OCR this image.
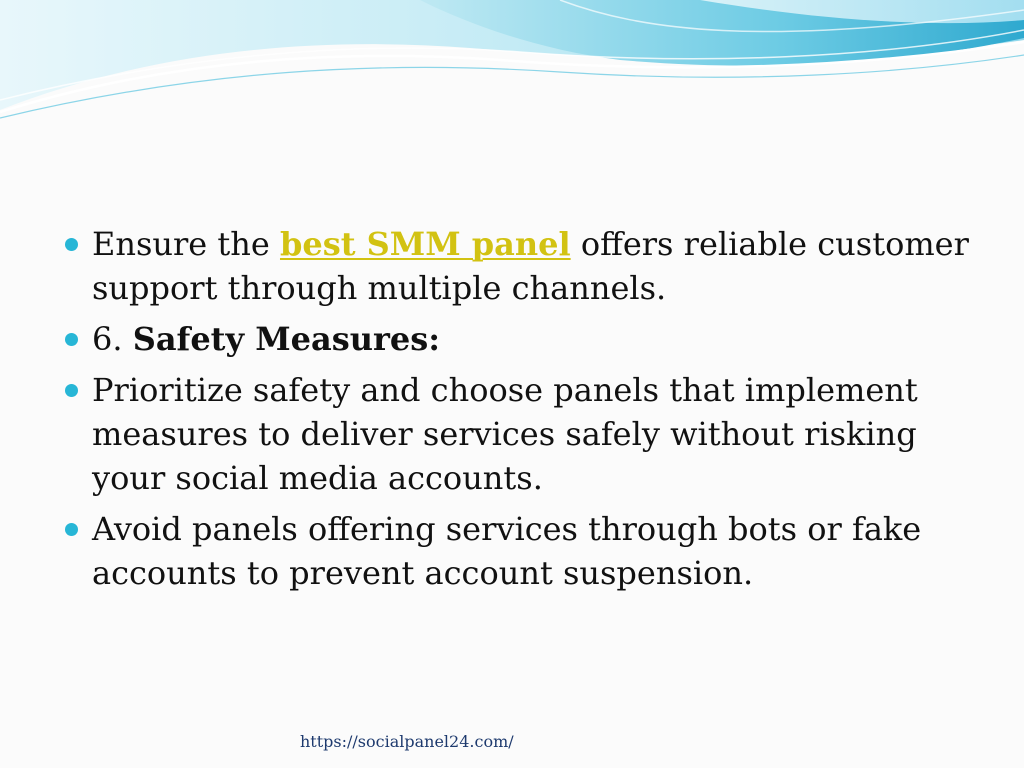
Ensure the best SMM panel offers reliable customer support through multiple channels.
6. Safety Measures:
Prioritize safety and choose panels that implement measures to deliver services safely without risking your social media accounts.
Avoid panels offering services through bots or fake accounts to prevent account suspension.
https://socialpanel24.com/
